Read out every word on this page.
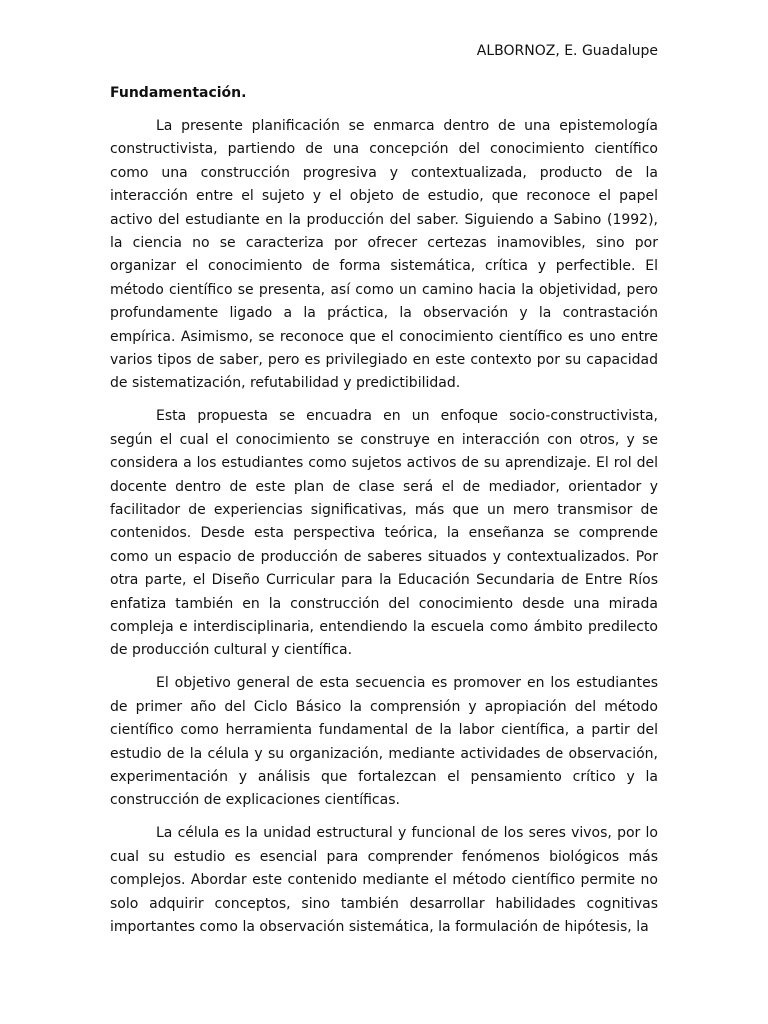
ALBORNOZ, E. Guadalupe
Fundamentación.

La presente planificación se enmarca dentro de una epistemología constructivista, partiendo de una concepción del conocimiento científico como una construcción progresiva y contextualizada, producto de la interacción entre el sujeto y el objeto de estudio, que reconoce el papel activo del estudiante en la producción del saber. Siguiendo a Sabino (1992), la ciencia no se caracteriza por ofrecer certezas inamovibles, sino por organizar el conocimiento de forma sistemática, crítica y perfectible. El método científico se presenta, así como un camino hacia la objetividad, pero profundamente ligado a la práctica, la observación y la contrastación empírica. Asimismo, se reconoce que el conocimiento científico es uno entre varios tipos de saber, pero es privilegiado en este contexto por su capacidad de sistematización, refutabilidad y predictibilidad.

Esta propuesta se encuadra en un enfoque socio-constructivista, según el cual el conocimiento se construye en interacción con otros, y se considera a los estudiantes como sujetos activos de su aprendizaje. El rol del docente dentro de este plan de clase será el de mediador, orientador y facilitador de experiencias significativas, más que un mero transmisor de contenidos. Desde esta perspectiva teórica, la enseñanza se comprende como un espacio de producción de saberes situados y contextualizados. Por otra parte, el Diseño Curricular para la Educación Secundaria de Entre Ríos enfatiza también en la construcción del conocimiento desde una mirada compleja e interdisciplinaria, entendiendo la escuela como ámbito predilecto de producción cultural y científica.

El objetivo general de esta secuencia es promover en los estudiantes de primer año del Ciclo Básico la comprensión y apropiación del método científico como herramienta fundamental de la labor científica, a partir del estudio de la célula y su organización, mediante actividades de observación, experimentación y análisis que fortalezcan el pensamiento crítico y la construcción de explicaciones científicas.

La célula es la unidad estructural y funcional de los seres vivos, por lo cual su estudio es esencial para comprender fenómenos biológicos más complejos. Abordar este contenido mediante el método científico permite no solo adquirir conceptos, sino también desarrollar habilidades cognitivas importantes como la observación sistemática, la formulación de hipótesis, la
